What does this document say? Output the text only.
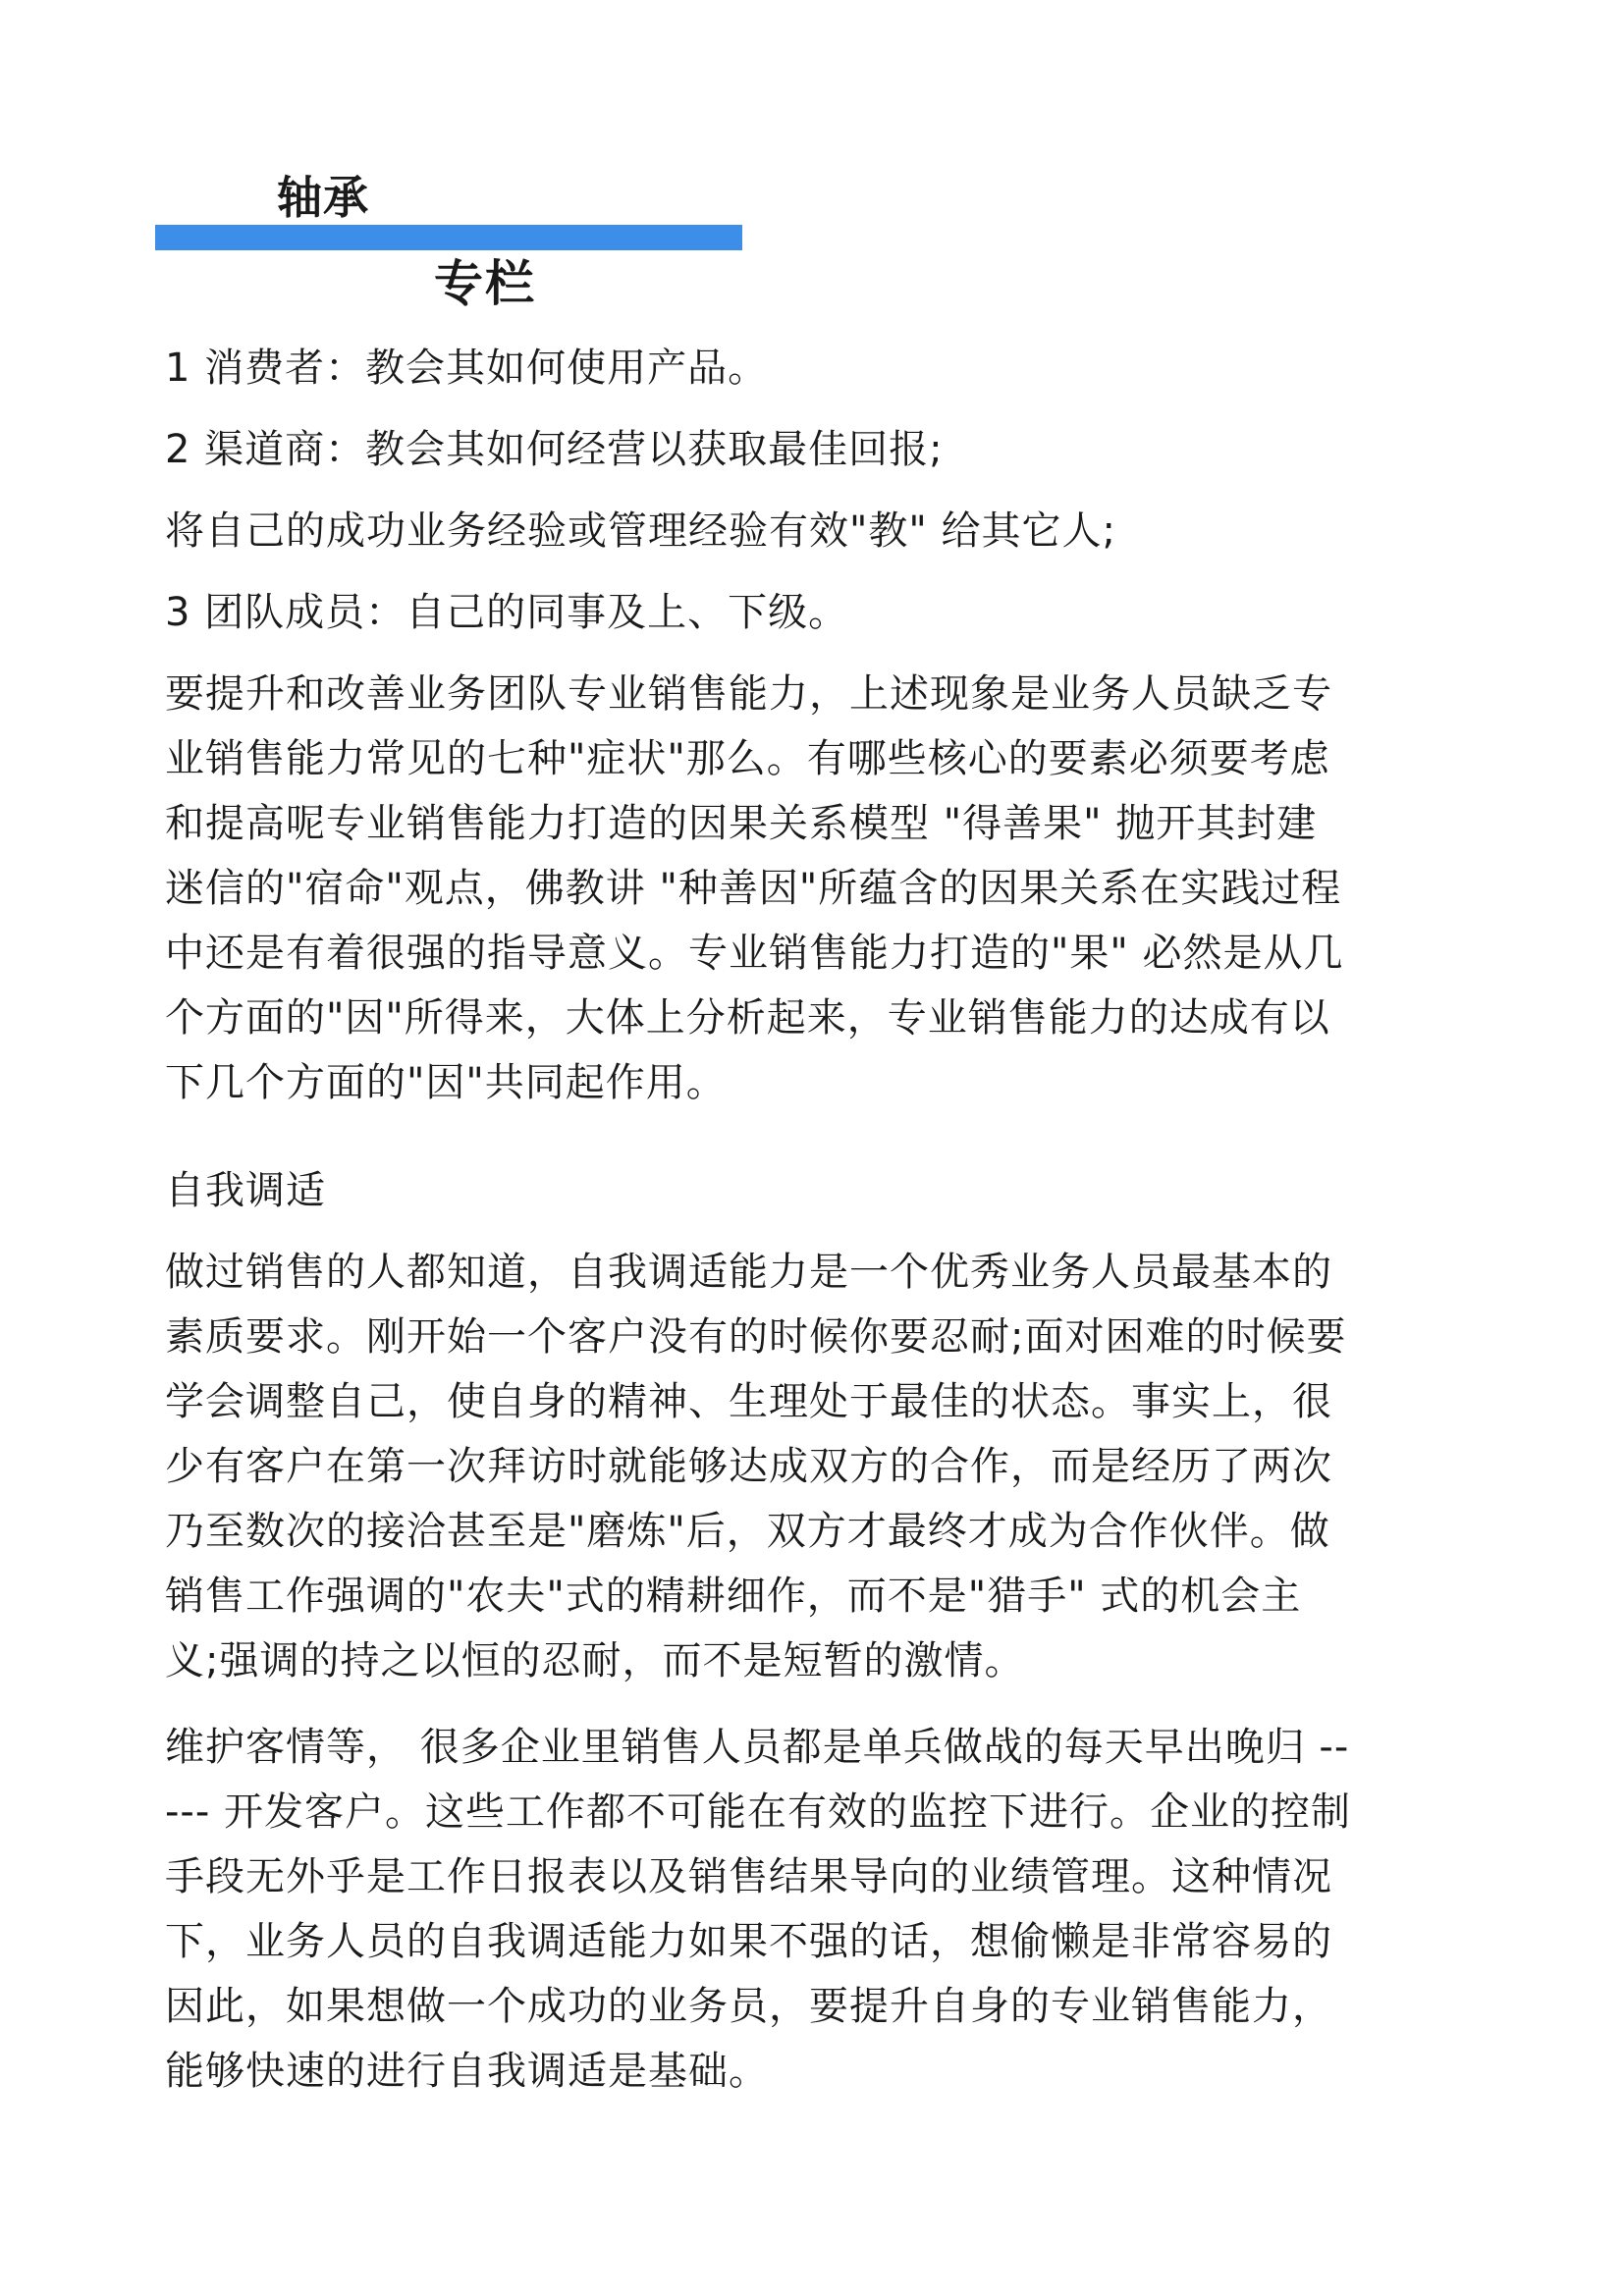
轴承
专栏
1 消费者：教会其如何使用产品。
2 渠道商：教会其如何经营以获取最佳回报;
将自己的成功业务经验或管理经验有效"教" 给其它人;
3 团队成员：自己的同事及上、下级。
要提升和改善业务团队专业销售能力，上述现象是业务人员缺乏专
业销售能力常见的七种"症状"那么。有哪些核心的要素必须要考虑
和提高呢专业销售能力打造的因果关系模型 "得善果" 抛开其封建
迷信的"宿命"观点，佛教讲 "种善因"所蕴含的因果关系在实践过程
中还是有着很强的指导意义。专业销售能力打造的"果" 必然是从几
个方面的"因"所得来，大体上分析起来，专业销售能力的达成有以
下几个方面的"因"共同起作用。
自我调适
做过销售的人都知道，自我调适能力是一个优秀业务人员最基本的
素质要求。刚开始一个客户没有的时候你要忍耐;面对困难的时候要
学会调整自己，使自身的精神、生理处于最佳的状态。事实上，很
少有客户在第一次拜访时就能够达成双方的合作，而是经历了两次
乃至数次的接洽甚至是"磨炼"后，双方才最终才成为合作伙伴。做
销售工作强调的"农夫"式的精耕细作，而不是"猎手" 式的机会主
义;强调的持之以恒的忍耐，而不是短暂的激情。
维护客情等， 很多企业里销售人员都是单兵做战的每天早出晚归 --
--- 开发客户。这些工作都不可能在有效的监控下进行。企业的控制
手段无外乎是工作日报表以及销售结果导向的业绩管理。这种情况
下，业务人员的自我调适能力如果不强的话，想偷懒是非常容易的
因此，如果想做一个成功的业务员，要提升自身的专业销售能力，
能够快速的进行自我调适是基础。
